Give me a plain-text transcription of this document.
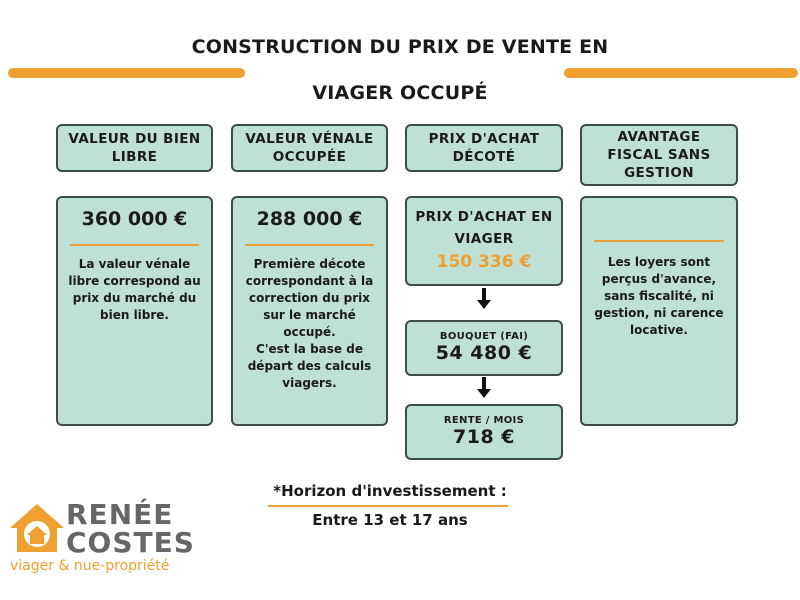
CONSTRUCTION DU PRIX DE VENTE EN
VIAGER OCCUPÉ
VALEUR DU BIEN LIBRE
VALEUR VÉNALE OCCUPÉE
PRIX D'ACHAT DÉCOTÉ
AVANTAGE FISCAL SANS GESTION
360 000 €
La valeur vénale libre correspond au prix du marché du bien libre.
288 000 €
Première décote correspondant à la correction du prix sur le marché occupé.
C'est la base de départ des calculs viagers.
PRIX D'ACHAT EN VIAGER
150 336 €
BOUQUET (FAI)
54 480 €
RENTE / MOIS
718 €
Les loyers sont perçus d'avance, sans fiscalité, ni gestion, ni carence locative.
*Horizon d'investissement :
Entre 13 et 17 ans
RENÉE
COSTES
viager & nue-propriété
